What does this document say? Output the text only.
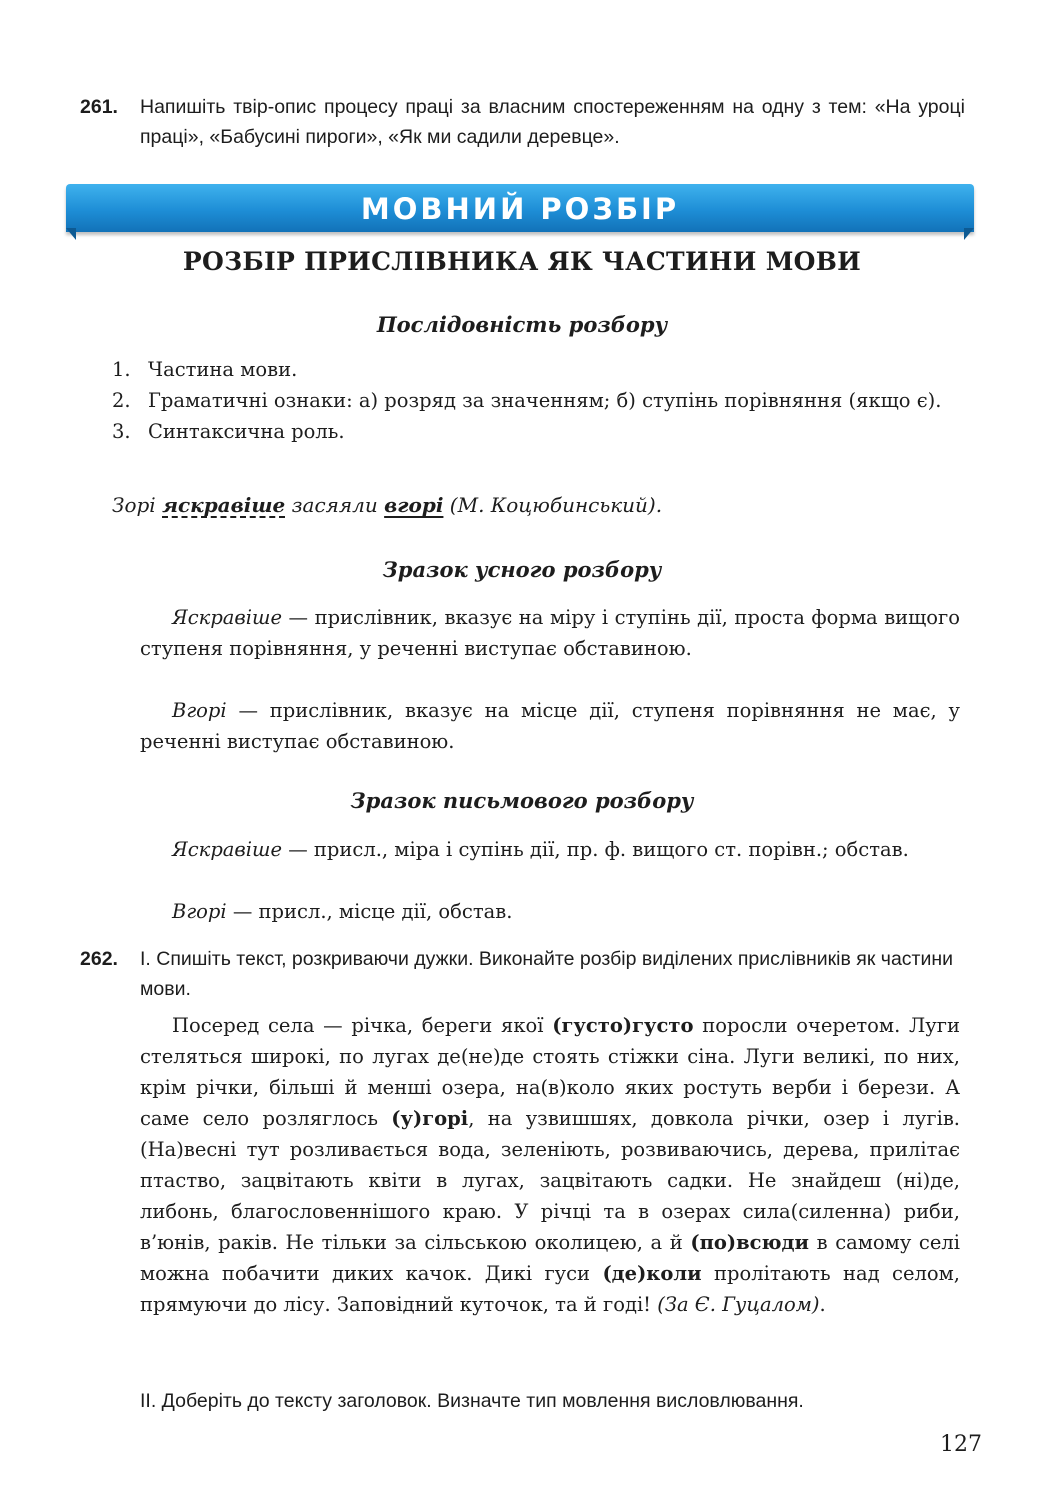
261. Напишіть твір-опис процесу праці за власним спостереженням на одну з тем: «На уроці праці», «Бабусині пироги», «Як ми садили деревце».
МОВНИЙ РОЗБІР
РОЗБІР ПРИСЛІВНИКА ЯК ЧАСТИНИ МОВИ
Послідовність розбору
1. Частина мови.
2. Граматичні ознаки: а) розряд за значенням; б) ступінь порівняння (якщо є).
3. Синтаксична роль.
Зорі яскравіше засяяли вгорі (М. Коцюбинський).
Зразок усного розбору
Яскравіше — прислівник, вказує на міру і ступінь дії, проста форма вищого ступеня порівняння, у реченні виступає обставиною.
Вгорі — прислівник, вказує на місце дії, ступеня порівняння не має, у реченні виступає обставиною.
Зразок письмового розбору
Яскравіше — присл., міра і супінь дії, пр. ф. вищого ст. порівн.; обстав.
Вгорі — присл., місце дії, обстав.
262. І. Спишіть текст, розкриваючи дужки. Виконайте розбір виділених прислівників як частини мови.
Посеред села — річка, береги якої (густо)густо поросли очеретом. Луги стеляться широкі, по лугах де(не)де стоять стіжки сіна. Луги великі, по них, крім річки, більші й менші озера, на(в)коло яких ростуть верби і берези. А саме село розляглось (у)горі, на узвишшях, довкола річки, озер і лугів. (На)весні тут розливається вода, зеленіють, розвиваючись, дерева, прилітає птаство, зацвітають квіти в лугах, зацвітають садки. Не знайдеш (ні)де, либонь, благословеннішого краю. У річці та в озерах сила(силенна) риби, в’юнів, раків. Не тільки за сільською околицею, а й (по)всюди в самому селі можна побачити диких качок. Дикі гуси (де)коли пролітають над селом, прямуючи до лісу. Заповідний куточок, та й годі! (За Є. Гуцалом).
ІІ. Доберіть до тексту заголовок. Визначте тип мовлення висловлювання.
127
